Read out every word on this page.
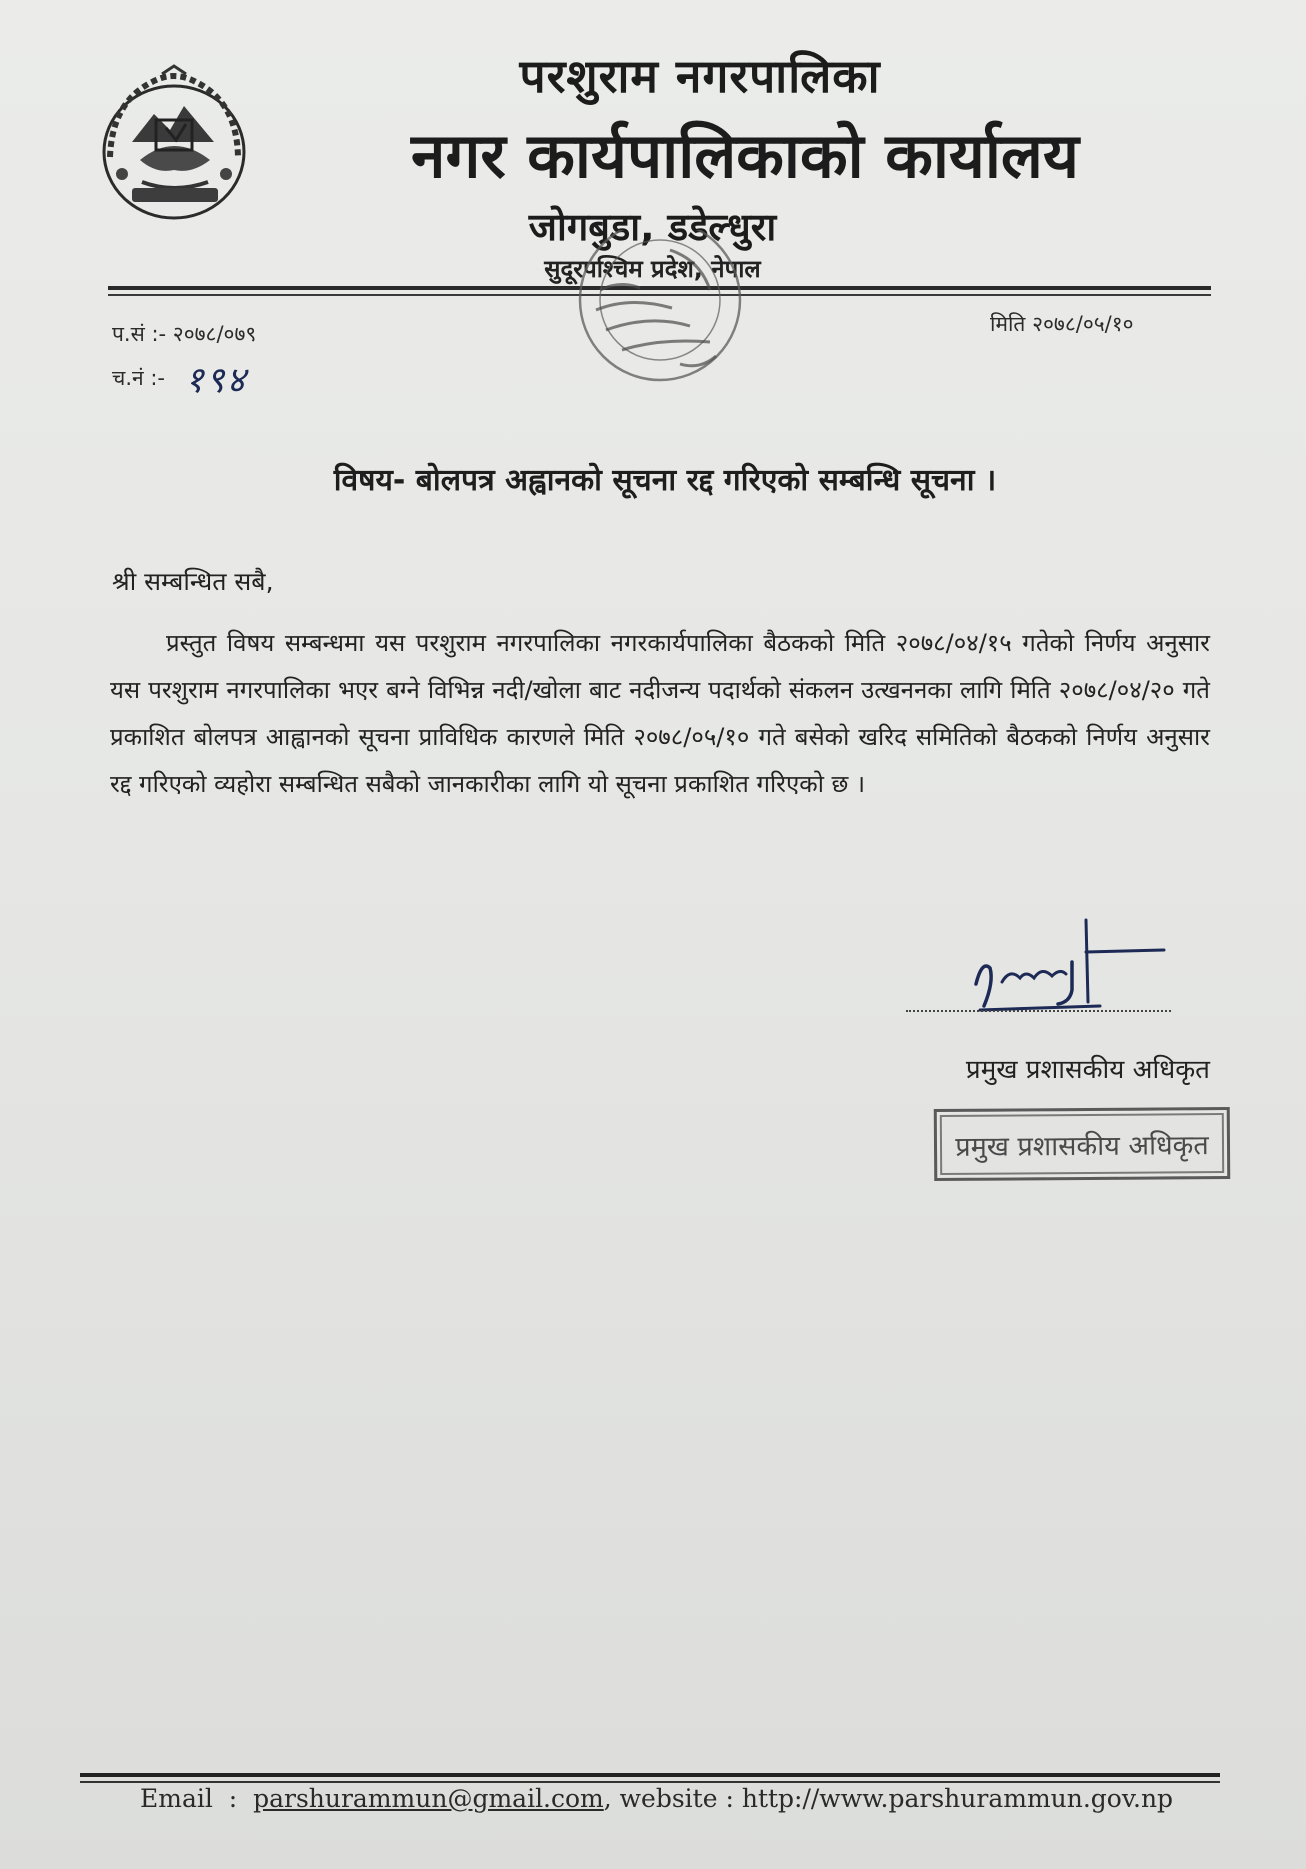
परशुराम नगरपालिका
नगर कार्यपालिकाको कार्यालय
जोगबुडा, डडेल्धुरा
सुदूरपश्चिम प्रदेश, नेपाल
प.सं :- २०७८/०७९
च.नं :- १९४
मिति २०७८/०५/१०
विषय- बोलपत्र अह्वानको सूचना रद्द गरिएको सम्बन्धि सूचना ।
श्री सम्बन्धित सबै,
प्रस्तुत विषय सम्बन्धमा यस परशुराम नगरपालिका नगरकार्यपालिका बैठकको मिति २०७८/०४/१५ गतेको निर्णय अनुसार यस परशुराम नगरपालिका भएर बग्ने विभिन्न नदी/खोला बाट नदीजन्य पदार्थको संकलन उत्खननका लागि मिति २०७८/०४/२० गते प्रकाशित बोलपत्र आह्वानको सूचना प्राविधिक कारणले मिति २०७८/०५/१० गते बसेको खरिद समितिको बैठकको निर्णय अनुसार रद्द गरिएको व्यहोरा सम्बन्धित सबैको जानकारीका लागि यो सूचना प्रकाशित गरिएको छ ।
प्रमुख प्रशासकीय अधिकृत
प्रमुख प्रशासकीय अधिकृत
Email  :  parshurammun@gmail.com, website : http://www.parshurammun.gov.np
